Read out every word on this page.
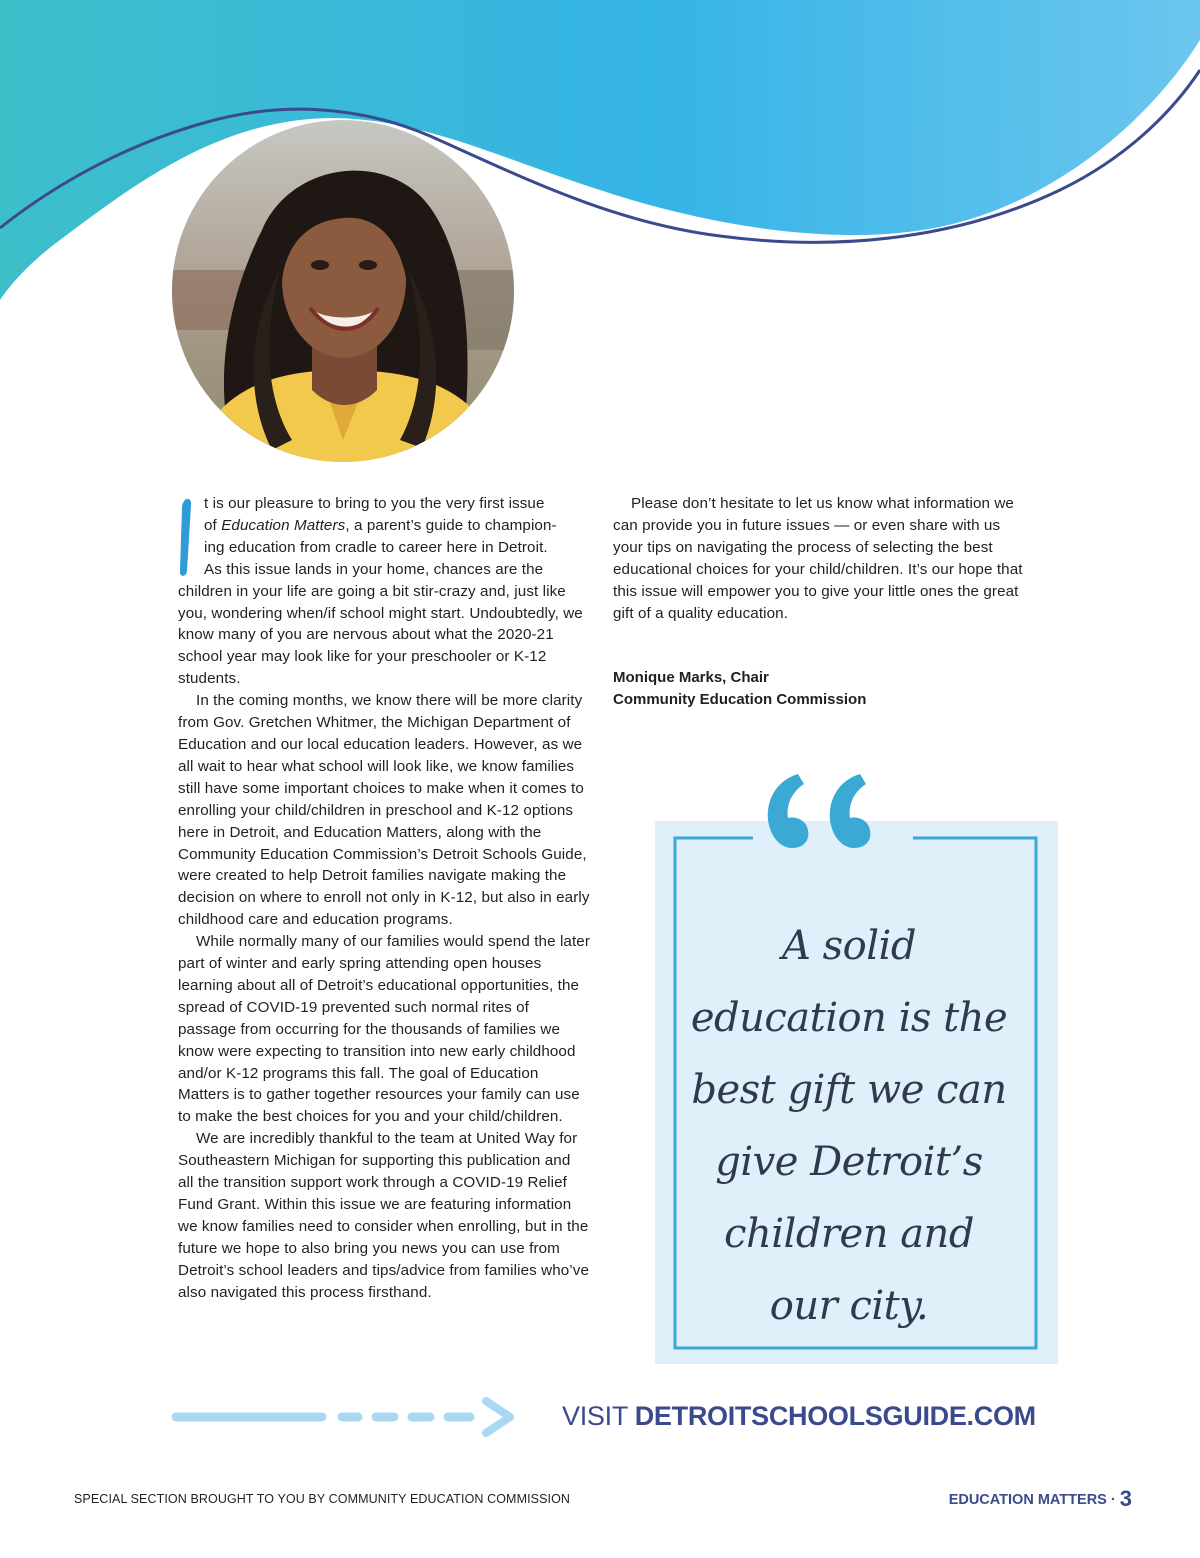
t is our pleasure to bring to you the very first issue
of Education Matters, a parent’s guide to champion-
ing education from cradle to career here in Detroit.
As this issue lands in your home, chances are the

children in your life are going a bit stir-crazy and, just like you, wondering when/if school might start. Undoubtedly, we know many of you are nervous about what the 2020-21 school year may look like for your preschooler or K-12 students.

In the coming months, we know there will be more clarity from Gov. Gretchen Whitmer, the Michigan Department of Education and our local education leaders. However, as we all wait to hear what school will look like, we know families still have some important choices to make when it comes to enrolling your child/children in preschool and K-12 options here in Detroit, and Education Matters, along with the Community Education Commission’s Detroit Schools Guide, were created to help Detroit families navigate making the decision on where to enroll not only in K-12, but also in early childhood care and education programs.

While normally many of our families would spend the later part of winter and early spring attending open houses learning about all of Detroit’s educational opportunities, the spread of COVID-19 prevented such normal rites of passage from occurring for the thousands of families we know were expecting to transition into new early childhood and/or K-12 programs this fall. The goal of Education Matters is to gather together resources your family can use to make the best choices for you and your child/children.

We are incredibly thankful to the team at United Way for Southeastern Michigan for supporting this publication and all the transition support work through a COVID-19 Relief Fund Grant. Within this issue we are featuring information we know families need to consider when enrolling, but in the future we hope to also bring you news you can use from Detroit’s school leaders and tips/advice from families who’ve also navigated this process firsthand.

Please don’t hesitate to let us know what information we can provide you in future issues — or even share with us your tips on navigating the process of selecting the best educational choices for your child/children. It’s our hope that this issue will empower you to give your little ones the great gift of a quality education.

Monique Marks, Chair
Community Education Commission
A solid
education is the
best gift we can
give Detroit’s
children and
our city.
VISIT DETROITSCHOOLSGUIDE.COM
SPECIAL SECTION BROUGHT TO YOU BY COMMUNITY EDUCATION COMMISSION	EDUCATION MATTERS · 3
